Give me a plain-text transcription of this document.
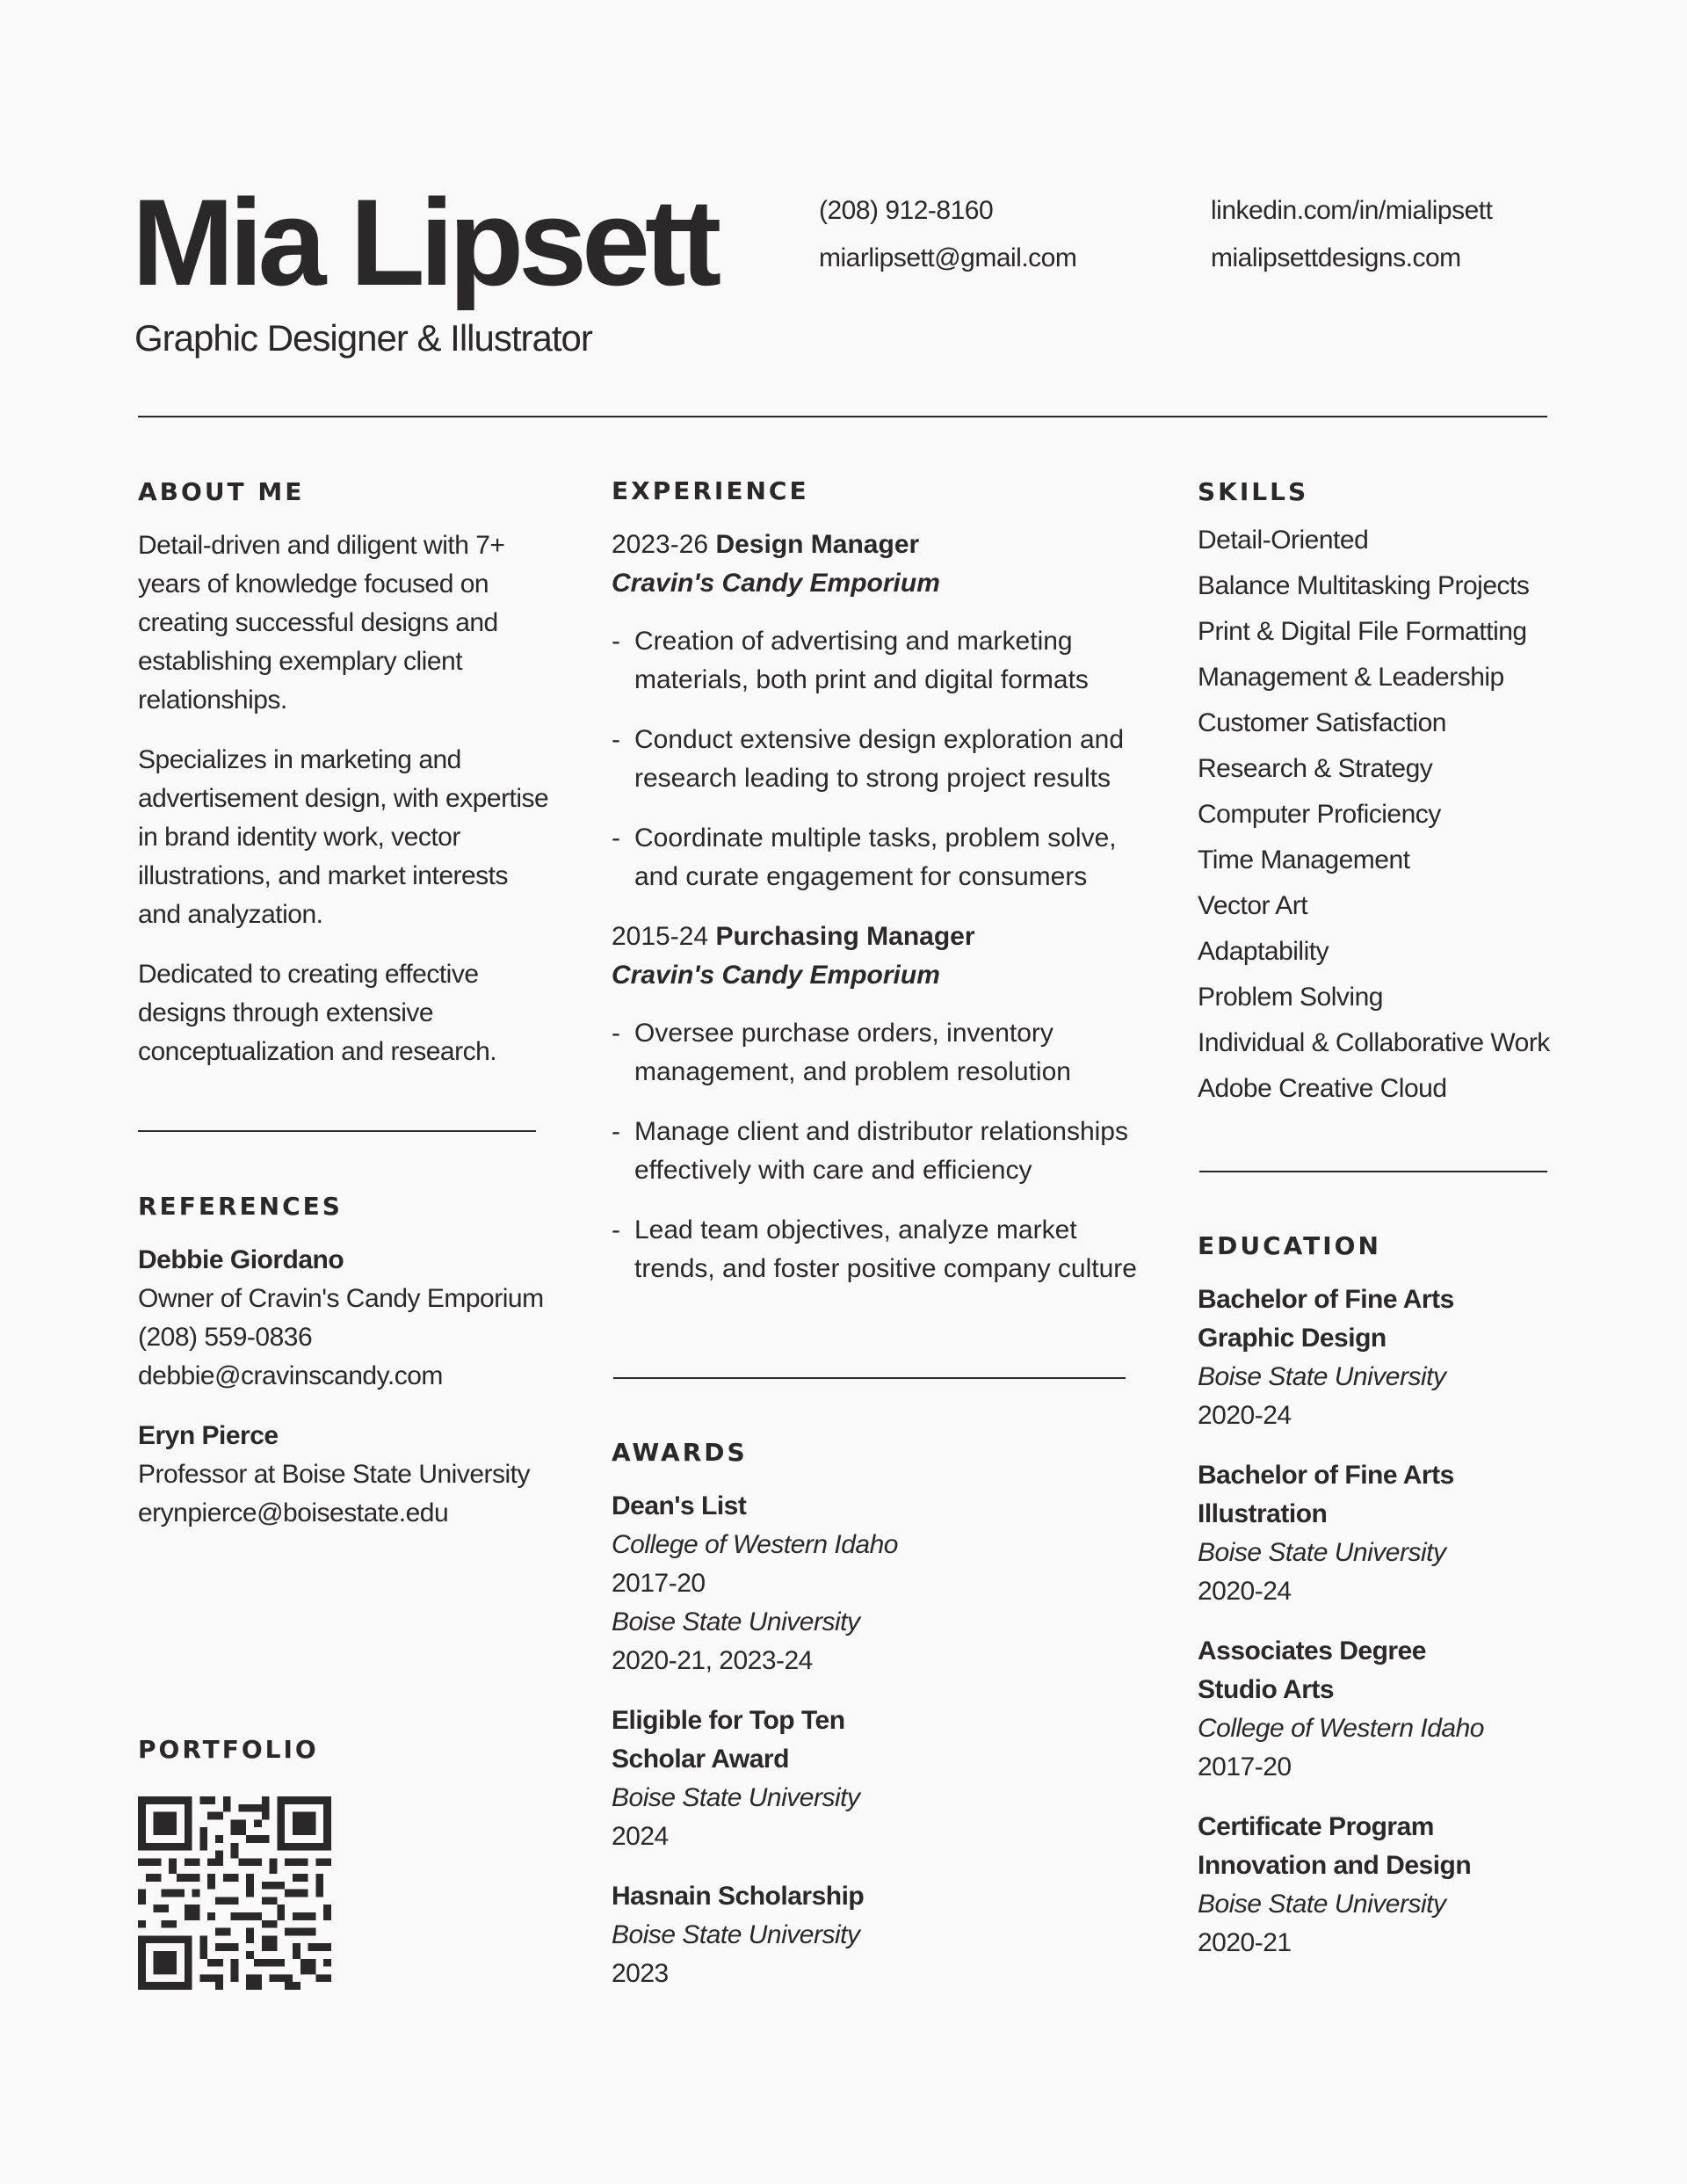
Mia Lipsett
Graphic Designer & Illustrator
(208) 912-8160
miarlipsett@gmail.com
linkedin.com/in/mialipsett
mialipsettdesigns.com
ABOUT ME

Detail-driven and diligent with 7+ years of knowledge focused on creating successful designs and establishing exemplary client relationships.

Specializes in marketing and advertisement design, with expertise in brand identity work, vector illustrations, and market interests and analyzation.

Dedicated to creating effective designs through extensive conceptualization and research.

REFERENCES
Debbie Giordano
Owner of Cravin's Candy Emporium
(208) 559-0836
debbie@cravinscandy.com
Eryn Pierce
Professor at Boise State University
erynpierce@boisestate.edu
PORTFOLIO
EXPERIENCE
2023-26 Design Manager
Cravin's Candy Emporium
- Creation of advertising and marketing materials, both print and digital formats
- Conduct extensive design exploration and research leading to strong project results
- Coordinate multiple tasks, problem solve, and curate engagement for consumers
2015-24 Purchasing Manager
Cravin's Candy Emporium
- Oversee purchase orders, inventory management, and problem resolution
- Manage client and distributor relationships effectively with care and efficiency
- Lead team objectives, analyze market trends, and foster positive company culture
AWARDS
Dean's List
College of Western Idaho
2017-20
Boise State University
2020-21, 2023-24
Eligible for Top Ten
Scholar Award
Boise State University
2024
Hasnain Scholarship
Boise State University
2023
SKILLS
Detail-Oriented
Balance Multitasking Projects
Print & Digital File Formatting
Management & Leadership
Customer Satisfaction
Research & Strategy
Computer Proficiency
Time Management
Vector Art
Adaptability
Problem Solving
Individual & Collaborative Work
Adobe Creative Cloud
EDUCATION
Bachelor of Fine Arts
Graphic Design
Boise State University
2020-24
Bachelor of Fine Arts
Illustration
Boise State University
2020-24
Associates Degree
Studio Arts
College of Western Idaho
2017-20
Certificate Program
Innovation and Design
Boise State University
2020-21
